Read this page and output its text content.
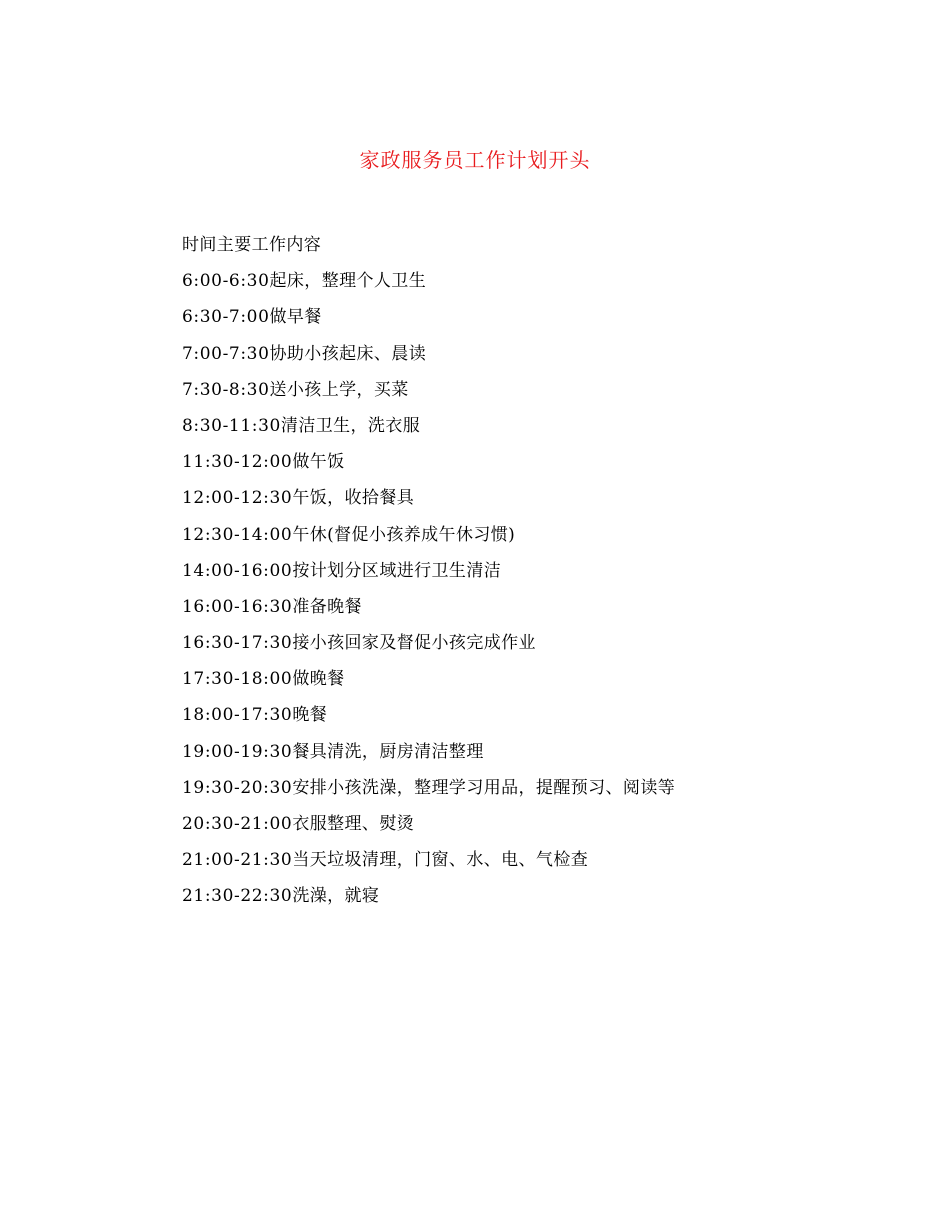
家政服务员工作计划开头
时间主要工作内容
6:00-6:30起床，整理个人卫生
6:30-7:00做早餐
7:00-7:30协助小孩起床、晨读
7:30-8:30送小孩上学，买菜
8:30-11:30清洁卫生，洗衣服
11:30-12:00做午饭
12:00-12:30午饭，收拾餐具
12:30-14:00午休(督促小孩养成午休习惯)
14:00-16:00按计划分区域进行卫生清洁
16:00-16:30准备晚餐
16:30-17:30接小孩回家及督促小孩完成作业
17:30-18:00做晚餐
18:00-17:30晚餐
19:00-19:30餐具清洗，厨房清洁整理
19:30-20:30安排小孩洗澡，整理学习用品，提醒预习、阅读等
20:30-21:00衣服整理、熨烫
21:00-21:30当天垃圾清理，门窗、水、电、气检查
21:30-22:30洗澡，就寝
